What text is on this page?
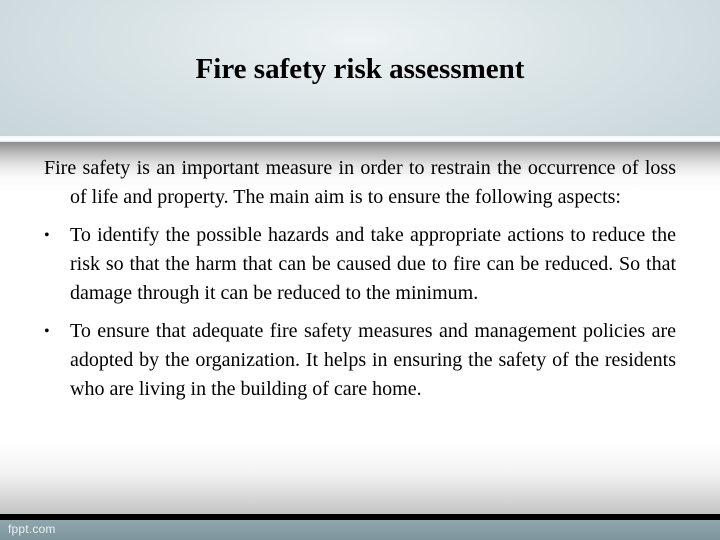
Fire safety risk assessment

Fire safety is an important measure in order to restrain the occurrence of loss of life and property. The main aim is to ensure the following aspects:

•	To identify the possible hazards and take appropriate actions to reduce the risk so that the harm that can be caused due to fire can be reduced. So that damage through it can be reduced to the minimum.
•	To ensure that adequate fire safety measures and management policies are adopted by the organization. It helps in ensuring the safety of the residents who are living in the building of care home.
fppt.com
